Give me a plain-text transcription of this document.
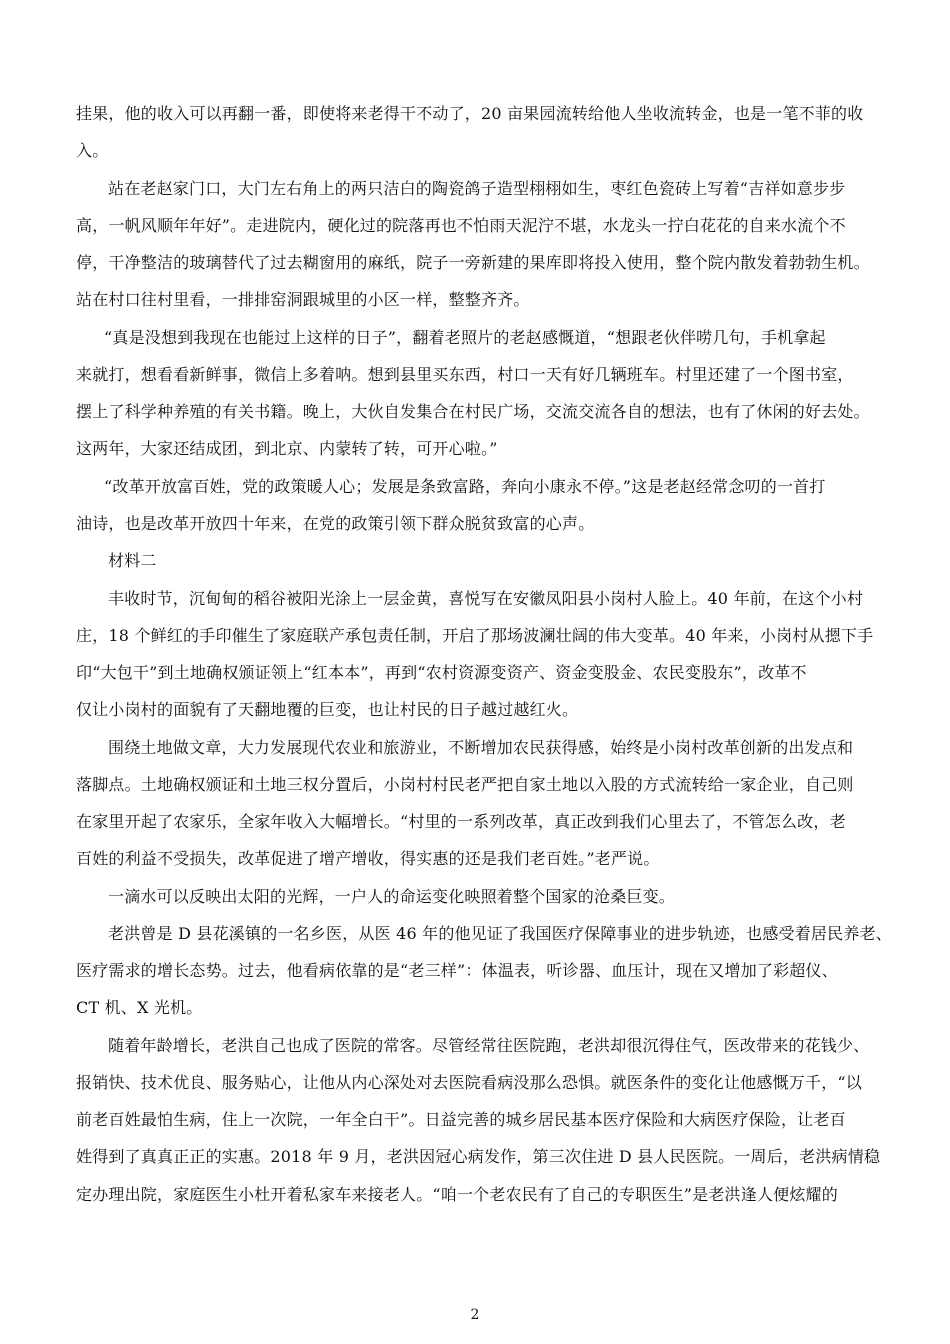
挂果，他的收入可以再翻一番，即使将来老得干不动了，20 亩果园流转给他人坐收流转金，也是一笔不菲的收
入。
站在老赵家门口，大门左右角上的两只洁白的陶瓷鸽子造型栩栩如生，枣红色瓷砖上写着“吉祥如意步步
高，一帆风顺年年好”。走进院内，硬化过的院落再也不怕雨天泥泞不堪，水龙头一拧白花花的自来水流个不
停，干净整洁的玻璃替代了过去糊窗用的麻纸，院子一旁新建的果库即将投入使用，整个院内散发着勃勃生机。
站在村口往村里看，一排排窑洞跟城里的小区一样，整整齐齐。
“真是没想到我现在也能过上这样的日子”，翻着老照片的老赵感慨道，“想跟老伙伴唠几句，手机拿起
来就打，想看看新鲜事，微信上多着呐。想到县里买东西，村口一天有好几辆班车。村里还建了一个图书室，
摆上了科学种养殖的有关书籍。晚上，大伙自发集合在村民广场，交流交流各自的想法，也有了休闲的好去处。
这两年，大家还结成团，到北京、内蒙转了转，可开心啦。”
“改革开放富百姓，党的政策暖人心；发展是条致富路，奔向小康永不停。”这是老赵经常念叨的一首打
油诗，也是改革开放四十年来，在党的政策引领下群众脱贫致富的心声。
材料二
丰收时节，沉甸甸的稻谷被阳光涂上一层金黄，喜悦写在安徽凤阳县小岗村人脸上。40 年前，在这个小村
庄，18 个鲜红的手印催生了家庭联产承包责任制，开启了那场波澜壮阔的伟大变革。40 年来，小岗村从摁下手
印“大包干”到土地确权颁证领上“红本本”，再到“农村资源变资产、资金变股金、农民变股东”，改革不
仅让小岗村的面貌有了天翻地覆的巨变，也让村民的日子越过越红火。
围绕土地做文章，大力发展现代农业和旅游业，不断增加农民获得感，始终是小岗村改革创新的出发点和
落脚点。土地确权颁证和土地三权分置后，小岗村村民老严把自家土地以入股的方式流转给一家企业，自己则
在家里开起了农家乐，全家年收入大幅增长。“村里的一系列改革，真正改到我们心里去了，不管怎么改，老
百姓的利益不受损失，改革促进了增产增收，得实惠的还是我们老百姓。”老严说。
一滴水可以反映出太阳的光辉，一户人的命运变化映照着整个国家的沧桑巨变。
老洪曾是 D 县花溪镇的一名乡医，从医 46 年的他见证了我国医疗保障事业的进步轨迹，也感受着居民养老、
医疗需求的增长态势。过去，他看病依靠的是“老三样”：体温表，听诊器、血压计，现在又增加了彩超仪、
CT 机、X 光机。
随着年龄增长，老洪自己也成了医院的常客。尽管经常往医院跑，老洪却很沉得住气，医改带来的花钱少、
报销快、技术优良、服务贴心，让他从内心深处对去医院看病没那么恐惧。就医条件的变化让他感慨万千，“以
前老百姓最怕生病，住上一次院，一年全白干”。日益完善的城乡居民基本医疗保险和大病医疗保险，让老百
姓得到了真真正正的实惠。2018 年 9 月，老洪因冠心病发作，第三次住进 D 县人民医院。一周后，老洪病情稳
定办理出院，家庭医生小杜开着私家车来接老人。“咱一个老农民有了自己的专职医生”是老洪逢人便炫耀的
2
